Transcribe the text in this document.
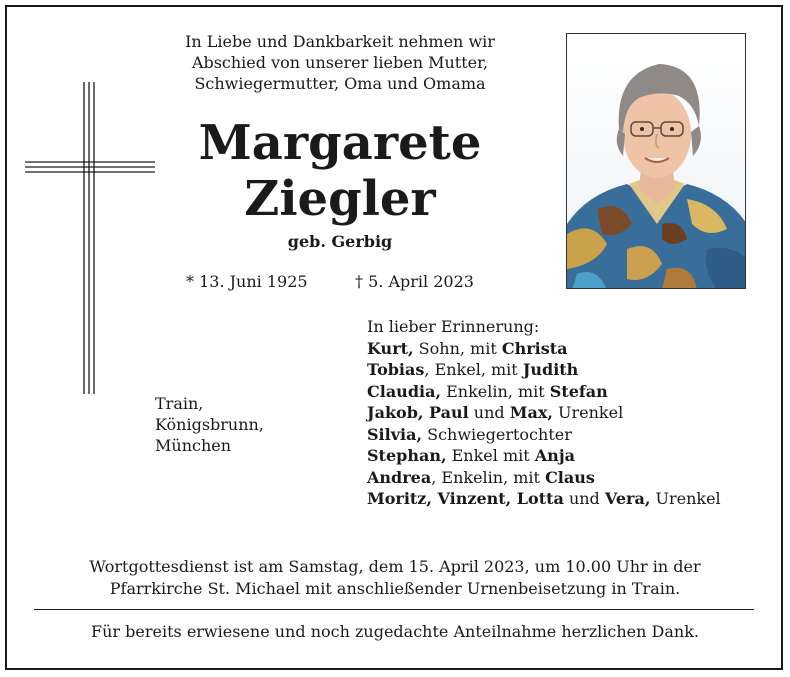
In Liebe und Dankbarkeit nehmen wir
Abschied von unserer lieben Mutter,
Schwiegermutter, Oma und Omama
Margarete
Ziegler
geb. Gerbig
* 13. Juni 1925	† 5. April 2023
Train,
Königsbrunn,
München
In lieber Erinnerung:
Kurt, Sohn, mit Christa
Tobias, Enkel, mit Judith
Claudia, Enkelin, mit Stefan
Jakob, Paul und Max, Urenkel
Silvia, Schwiegertochter
Stephan, Enkel mit Anja
Andrea, Enkelin, mit Claus
Moritz, Vinzent, Lotta und Vera, Urenkel
Wortgottesdienst ist am Samstag, dem 15. April 2023, um 10.00 Uhr in der
Pfarrkirche St. Michael mit anschließender Urnenbeisetzung in Train.
Für bereits erwiesene und noch zugedachte Anteilnahme herzlichen Dank.
